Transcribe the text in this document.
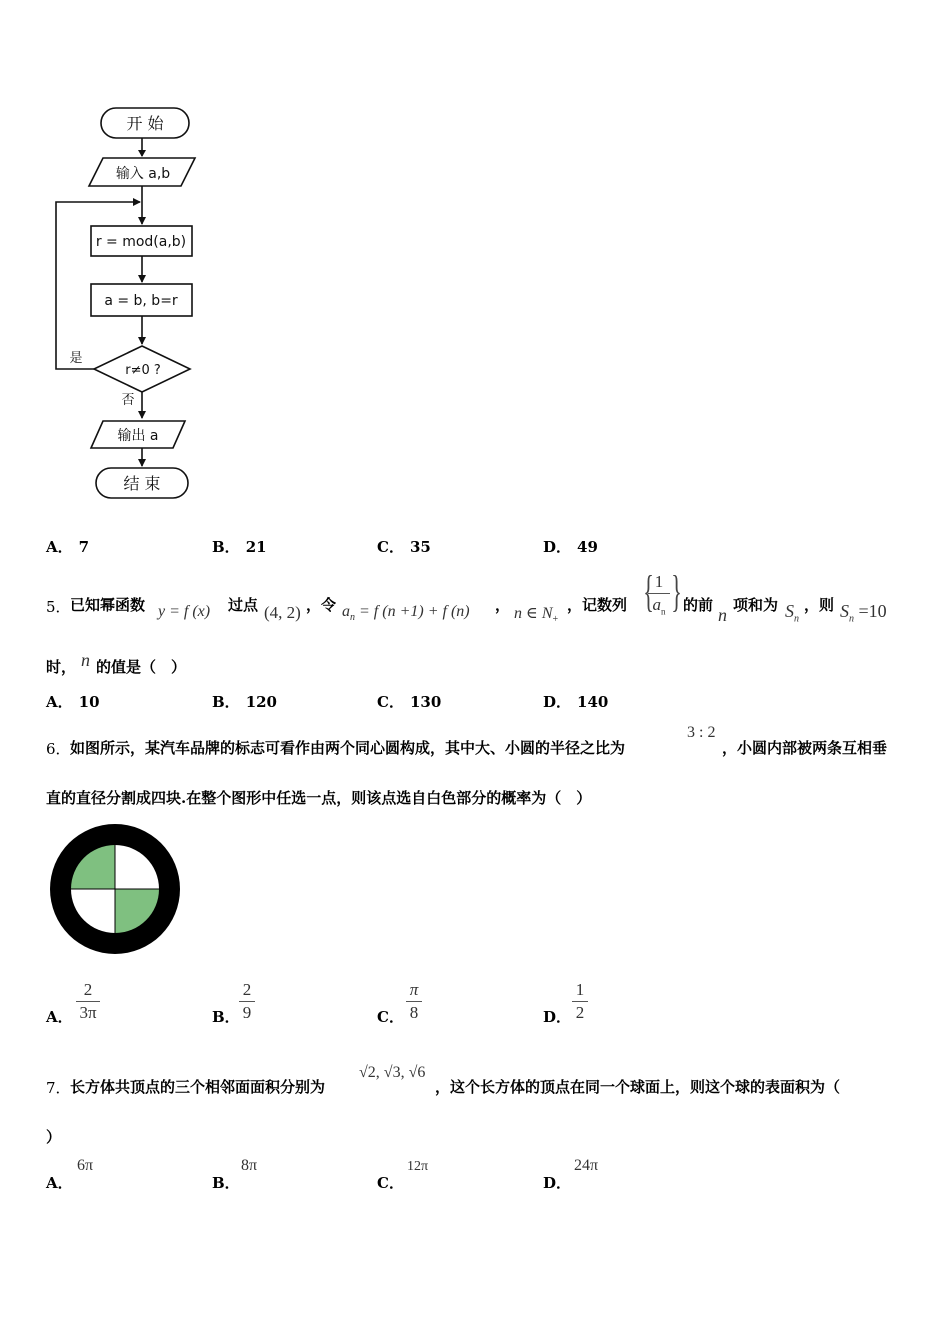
开 始
输入 a,b
r = mod(a,b)
a = b, b=r
r≠0 ?
是
否
输出 a
结 束
A． 7	B． 21	C． 35	D． 49
5． 已知幂函数 y = f (x) 过点 (4, 2) ，令 $a_n = f$ (n +1) + f (n) ， n ∈ $N_+$
，记数列 { 1
$a_n$ } 的前 n 项和为 $S_n$
，则 $S_n =10$
时， n 的值是（　）
A． 10	B． 120	C． 130	D． 140
6． 如图所示，某汽车品牌的标志可看作由两个同心圆构成，其中大、小圆的半径之比为
3 : 2
，小圆内部被两条互相垂
直的直径分割成四块.在整个图形中任选一点，则该点选自白色部分的概率为（　）
A．
2
3π	B．
2
9	C．
π
8	D．
1
2
7． 长方体共顶点的三个相邻面面积分别为
√2, √3, √6
，这个长方体的顶点在同一个球面上，则这个球的表面积为（
）
A．
6π
B．
8π
C．
12π
D．
24π
